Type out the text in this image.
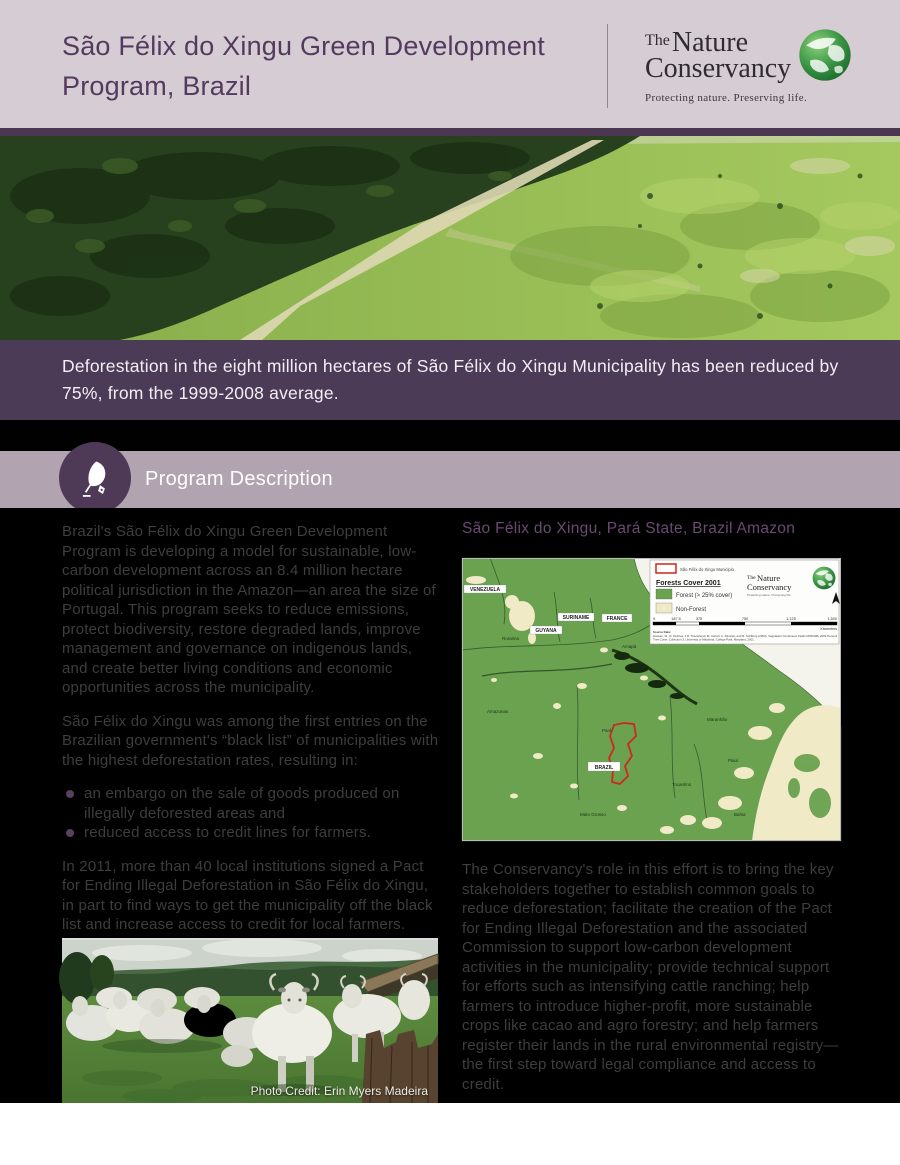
São Félix do Xingu Green Development
Program, Brazil
$^{The}$Nature
Conservancy
Protecting nature. Preserving life.
Deforestation in the eight million hectares of São Félix do Xingu Municipality has been reduced by 75%, from the 1999-2008 average.
Program Description

Brazil's São Félix do Xingu Green Development Program is developing a model for sustainable, low-carbon development across an 8.4 million hectare political jurisdiction in the Amazon—an area the size of Portugal. This program seeks to reduce emissions, protect biodiversity, restore degraded lands, improve management and governance on indigenous lands, and create better living conditions and economic opportunities across the municipality.

São Félix do Xingu was among the first entries on the Brazilian government's “black list” of municipalities with the highest deforestation rates, resulting in:

an embargo on the sale of goods produced on illegally deforested areas and
reduced access to credit lines for farmers.

In 2011, more than 40 local institutions signed a Pact for Ending Illegal Deforestation in São Félix do Xingu, in part to find ways to get the municipality off the black list and increase access to credit for local farmers.

Photo Credit: Erin Myers Madeira
São Félix do Xingu, Pará State, Brazil Amazon
VENEZUELA
SURINAME	FRANCE
GUYANA
BRAZIL
Roraima
Amapá
Amazonas
Maranhão
Pará
Tocantins
Piauí
Bahia
Mato Grosso
São Félix do Xingu Municipio
Forests Cover 2001
Forest (> 25% cover)
Non-Forest
The Nature
Conservancy
Protecting nature. Preserving life.
0	187.5	375	750	1,125	1,500
Kilometers
Source Data:
Hansen, M., R. DeFries, J.R. Townshend, M. Carroll, C. Dimiceli, and R. Sohlberg (2003), Vegetation Continuous Fields MOD44B, 2001 Percent
Tree Cover, Collection 3, University of Maryland, College Park, Maryland, 2001.

The Conservancy's role in this effort is to bring the key stakeholders together to establish common goals to reduce deforestation; facilitate the creation of the Pact for Ending Illegal Deforestation and the associated Commission to support low-carbon development activities in the municipality; provide technical support for efforts such as intensifying cattle ranching; help farmers to introduce higher-profit, more sustainable crops like cacao and agro forestry; and help farmers register their lands in the rural environmental registry—the first step toward legal compliance and access to credit.
